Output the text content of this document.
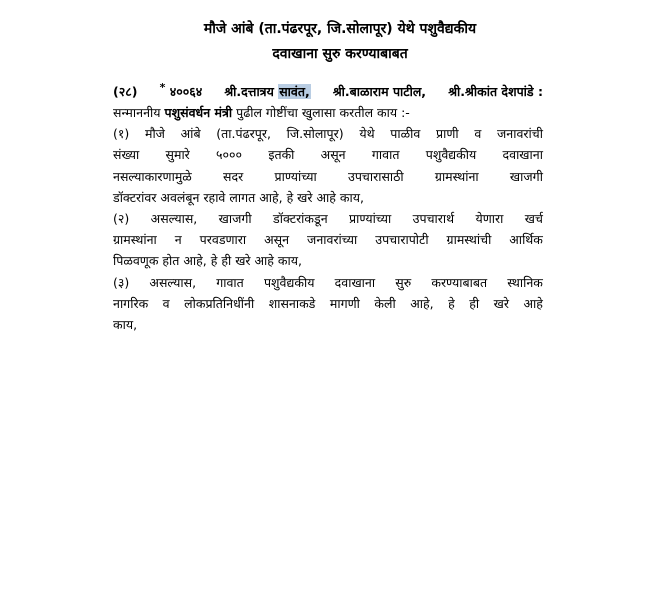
मौजे आंबे (ता.पंढरपूर, जि.सोलापूर) येथे पशुवैद्यकीय
दवाखाना सुरु करण्याबाबत
(२८) * ४००६४ श्री.दत्तात्रय सावंत, श्री.बाळाराम पाटील, श्री.श्रीकांत देशपांडे :
सन्माननीय पशुसंवर्धन मंत्री पुढील गोष्टींचा खुलासा करतील काय :-
(१) मौजे आंबे (ता.पंढरपूर, जि.सोलापूर) येथे पाळीव प्राणी व जनावरांची
संख्या सुमारे ५००० इतकी असून गावात पशुवैद्यकीय दवाखाना
नसल्याकारणामुळे	सदर	प्राण्यांच्या	उपचारासाठी	ग्रामस्थांना	खाजगी
डॉक्टरांवर अवलंबून रहावे लागत आहे, हे खरे आहे काय,
(२) असल्यास, खाजगी डॉक्टरांकडून प्राण्यांच्या उपचारार्थ येणारा खर्च
ग्रामस्थांना न परवडणारा असून जनावरांच्या उपचारापोटी ग्रामस्थांची आर्थिक
पिळवणूक होत आहे, हे ही खरे आहे काय,
(३) असल्यास, गावात पशुवैद्यकीय दवाखाना सुरु करण्याबाबत स्थानिक
नागरिक व लोकप्रतिनिधींनी शासनाकडे मागणी केली आहे, हे ही खरे आहे
काय,
